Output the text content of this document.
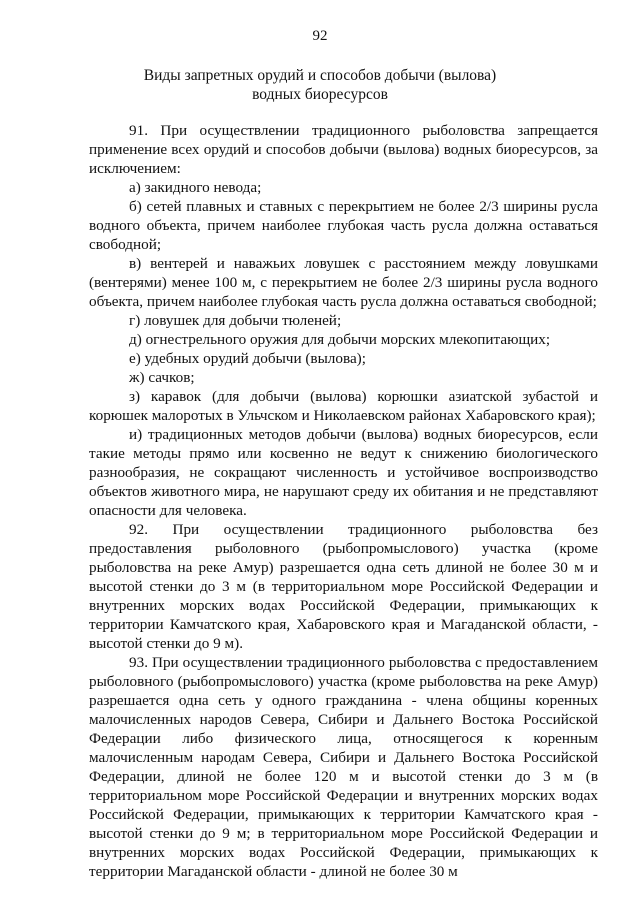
92
Виды запретных орудий и способов добычи (вылова)
водных биоресурсов

91. При осуществлении традиционного рыболовства запрещается применение всех орудий и способов добычи (вылова) водных биоресурсов, за исключением:

а) закидного невода;

б) сетей плавных и ставных с перекрытием не более 2/3 ширины русла водного объекта, причем наиболее глубокая часть русла должна оставаться свободной;

в) вентерей и наважьих ловушек с расстоянием между ловушками (вентерями) менее 100 м, с перекрытием не более 2/3 ширины русла водного объекта, причем наиболее глубокая часть русла должна оставаться свободной;

г) ловушек для добычи тюленей;

д) огнестрельного оружия для добычи морских млекопитающих;

е) удебных орудий добычи (вылова);

ж) сачков;

з) каравок (для добычи (вылова) корюшки азиатской зубастой и корюшек малоротых в Ульчском и Николаевском районах Хабаровского края);

и) традиционных методов добычи (вылова) водных биоресурсов, если такие методы прямо или косвенно не ведут к снижению биологического разнообразия, не сокращают численность и устойчивое воспроизводство объектов животного мира, не нарушают среду их обитания и не представляют опасности для человека.

92. При осуществлении традиционного рыболовства без предоставления рыболовного (рыбопромыслового) участка (кроме рыболовства на реке Амур) разрешается одна сеть длиной не более 30 м и высотой стенки до 3 м (в территориальном море Российской Федерации и внутренних морских водах Российской Федерации, примыкающих к территории Камчатского края, Хабаровского края и Магаданской области, - высотой стенки до 9 м).

93. При осуществлении традиционного рыболовства с предоставлением рыболовного (рыбопромыслового) участка (кроме рыболовства на реке Амур) разрешается одна сеть у одного гражданина - члена общины коренных малочисленных народов Севера, Сибири и Дальнего Востока Российской Федерации либо физического лица, относящегося к коренным малочисленным народам Севера, Сибири и Дальнего Востока Российской Федерации, длиной не более 120 м и высотой стенки до 3 м (в территориальном море Российской Федерации и внутренних морских водах Российской Федерации, примыкающих к территории Камчатского края - высотой стенки до 9 м; в территориальном море Российской Федерации и внутренних морских водах Российской Федерации, примыкающих к территории Магаданской области - длиной не более 30 м
